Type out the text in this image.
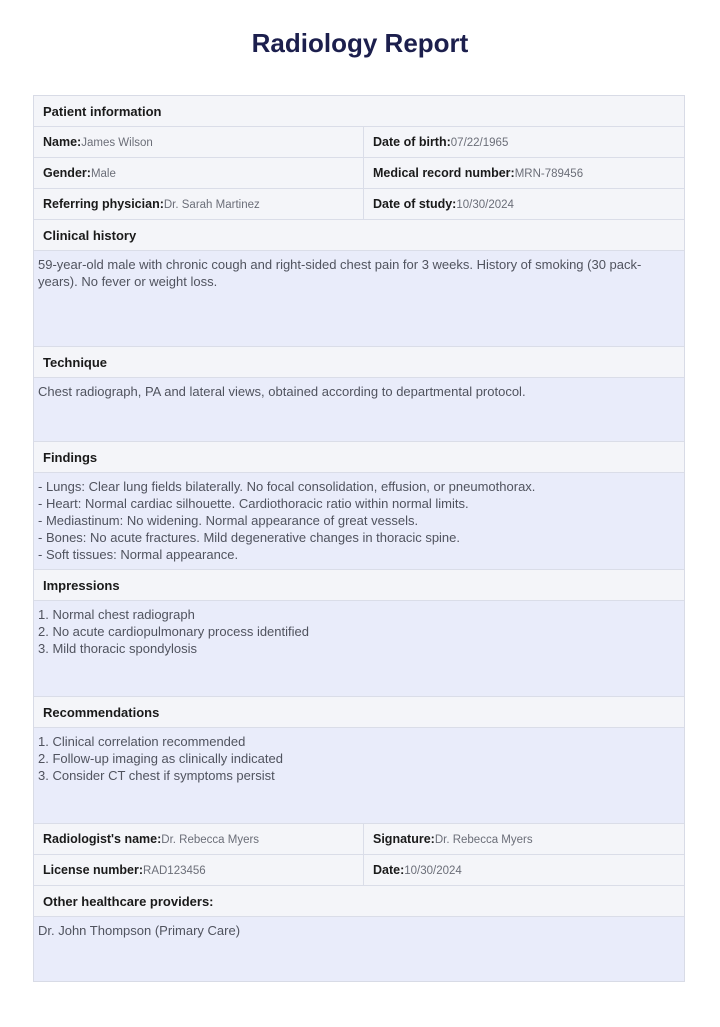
Radiology Report
Patient information
Name:James Wilson	Date of birth:07/22/1965
Gender:Male	Medical record number:MRN-789456
Referring physician:Dr. Sarah Martinez	Date of study:10/30/2024
Clinical history
59-year-old male with chronic cough and right-sided chest pain for 3 weeks. History of smoking (30 pack-years). No fever or weight loss.
Technique
Chest radiograph, PA and lateral views, obtained according to departmental protocol.
Findings
- Lungs: Clear lung fields bilaterally. No focal consolidation, effusion, or pneumothorax.
- Heart: Normal cardiac silhouette. Cardiothoracic ratio within normal limits.
- Mediastinum: No widening. Normal appearance of great vessels.
- Bones: No acute fractures. Mild degenerative changes in thoracic spine.
- Soft tissues: Normal appearance.
Impressions
1. Normal chest radiograph
2. No acute cardiopulmonary process identified
3. Mild thoracic spondylosis
Recommendations
1. Clinical correlation recommended
2. Follow-up imaging as clinically indicated
3. Consider CT chest if symptoms persist
Radiologist's name:Dr. Rebecca Myers	Signature:Dr. Rebecca Myers
License number:RAD123456	Date:10/30/2024
Other healthcare providers:
Dr. John Thompson (Primary Care)
